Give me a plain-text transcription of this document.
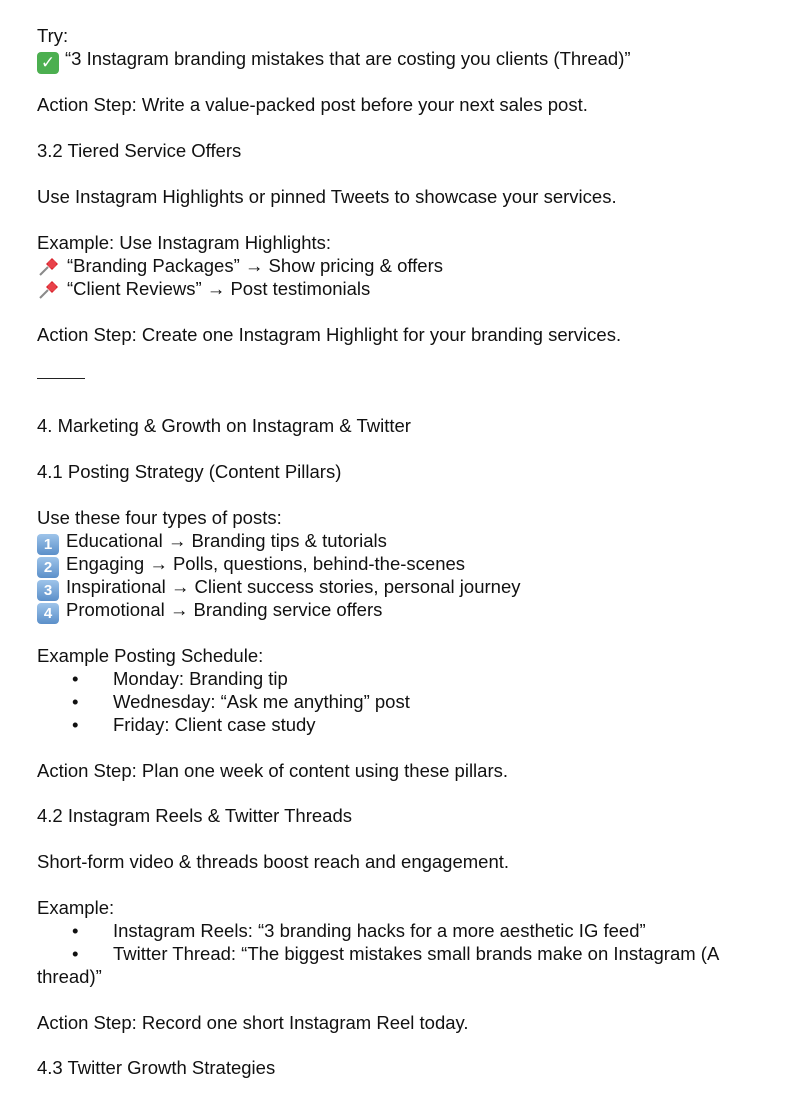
Try:
✓ “3 Instagram branding mistakes that are costing you clients (Thread)”
Action Step: Write a value-packed post before your next sales post.
3.2 Tiered Service Offers
Use Instagram Highlights or pinned Tweets to showcase your services.
Example: Use Instagram Highlights:
“Branding Packages” → Show pricing & offers
“Client Reviews” → Post testimonials
Action Step: Create one Instagram Highlight for your branding services.
4. Marketing & Growth on Instagram & Twitter
4.1 Posting Strategy (Content Pillars)
Use these four types of posts:
1 Educational → Branding tips & tutorials
2 Engaging → Polls, questions, behind-the-scenes
3 Inspirational → Client success stories, personal journey
4 Promotional → Branding service offers
Example Posting Schedule:
• Monday: Branding tip
• Wednesday: “Ask me anything” post
• Friday: Client case study
Action Step: Plan one week of content using these pillars.
4.2 Instagram Reels & Twitter Threads
Short-form video & threads boost reach and engagement.
Example:
• Instagram Reels: “3 branding hacks for a more aesthetic IG feed”
• Twitter Thread: “The biggest mistakes small brands make on Instagram (A
thread)”
Action Step: Record one short Instagram Reel today.
4.3 Twitter Growth Strategies
